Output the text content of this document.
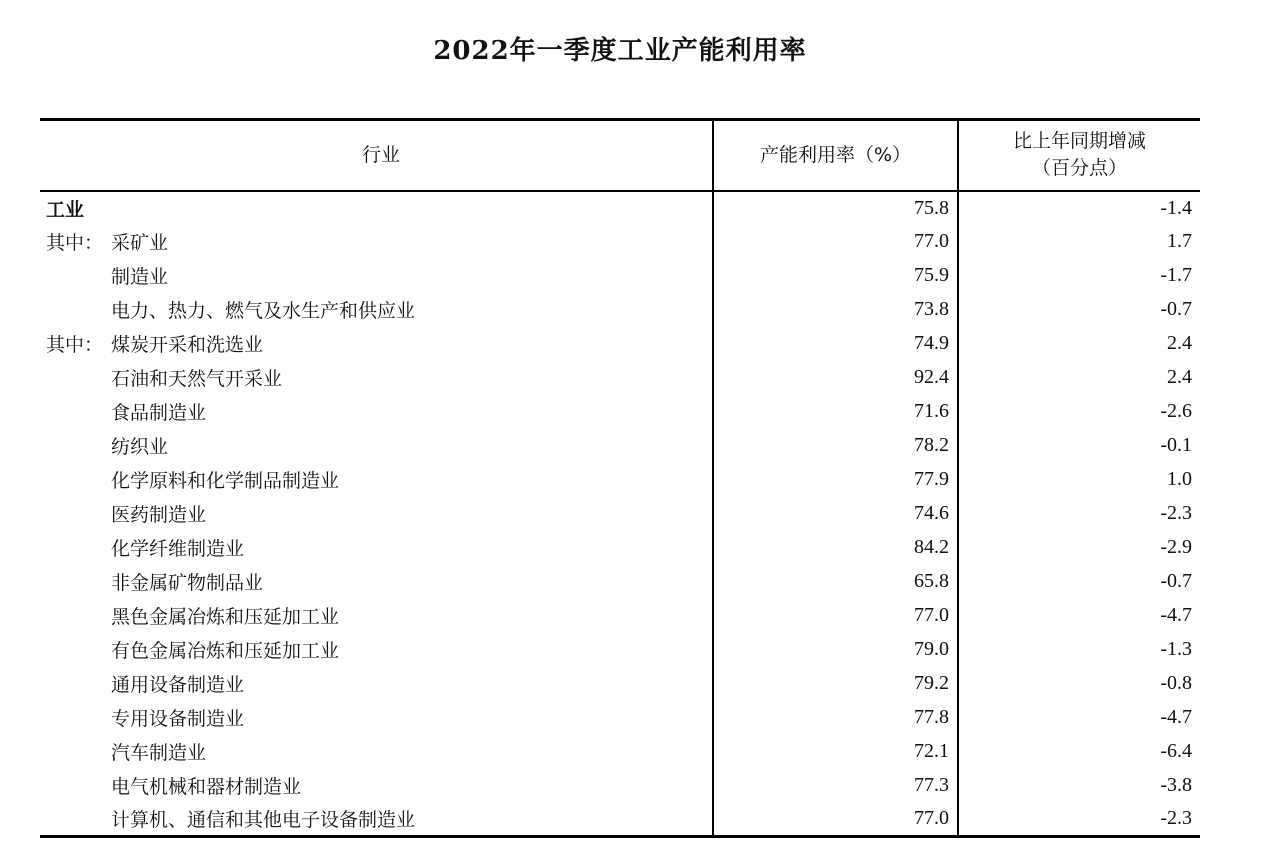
2022年一季度工业产能利用率
行业	产能利用率（%）	比上年同期增减
（百分点）

工业	75.8	-1.4
其中： 采矿业	77.0	1.7
制造业	75.9	-1.7
电力、热力、燃气及水生产和供应业	73.8	-0.7
其中： 煤炭开采和洗选业	74.9	2.4
石油和天然气开采业	92.4	2.4
食品制造业	71.6	-2.6
纺织业	78.2	-0.1
化学原料和化学制品制造业	77.9	1.0
医药制造业	74.6	-2.3
化学纤维制造业	84.2	-2.9
非金属矿物制品业	65.8	-0.7
黑色金属冶炼和压延加工业	77.0	-4.7
有色金属冶炼和压延加工业	79.0	-1.3
通用设备制造业	79.2	-0.8
专用设备制造业	77.8	-4.7
汽车制造业	72.1	-6.4
电气机械和器材制造业	77.3	-3.8
计算机、通信和其他电子设备制造业	77.0	-2.3
